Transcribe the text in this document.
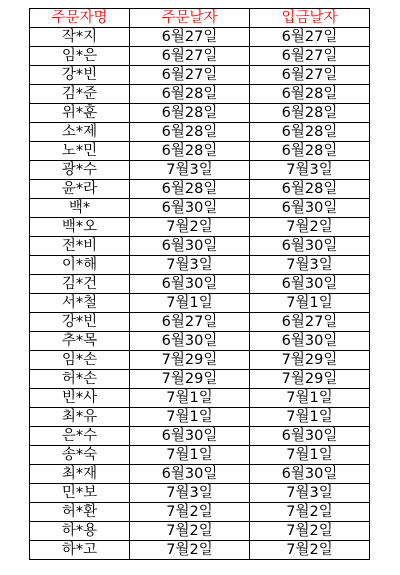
주문자명	주문날자	입금날자
작*지	6월27일	6월27일
임*은	6월27일	6월27일
강*빈	6월27일	6월27일
김*준	6월28일	6월28일
위*훈	6월28일	6월28일
소*제	6월28일	6월28일
노*민	6월28일	6월28일
광*수	7월3일	7월3일
윤*라	6월28일	6월28일
백*	6월30일	6월30일
백*오	7월2일	7월2일
전*비	6월30일	6월30일
이*해	7월3일	7월3일
김*건	6월30일	6월30일
서*철	7월1일	7월1일
강*빈	6월27일	6월27일
추*목	6월30일	6월30일
임*손	7월29일	7월29일
허*손	7월29일	7월29일
빈*사	7월1일	7월1일
최*유	7월1일	7월1일
은*수	6월30일	6월30일
송*숙	7월1일	7월1일
최*재	6월30일	6월30일
민*보	7월3일	7월3일
허*환	7월2일	7월2일
하*용	7월2일	7월2일
하*고	7월2일	7월2일
